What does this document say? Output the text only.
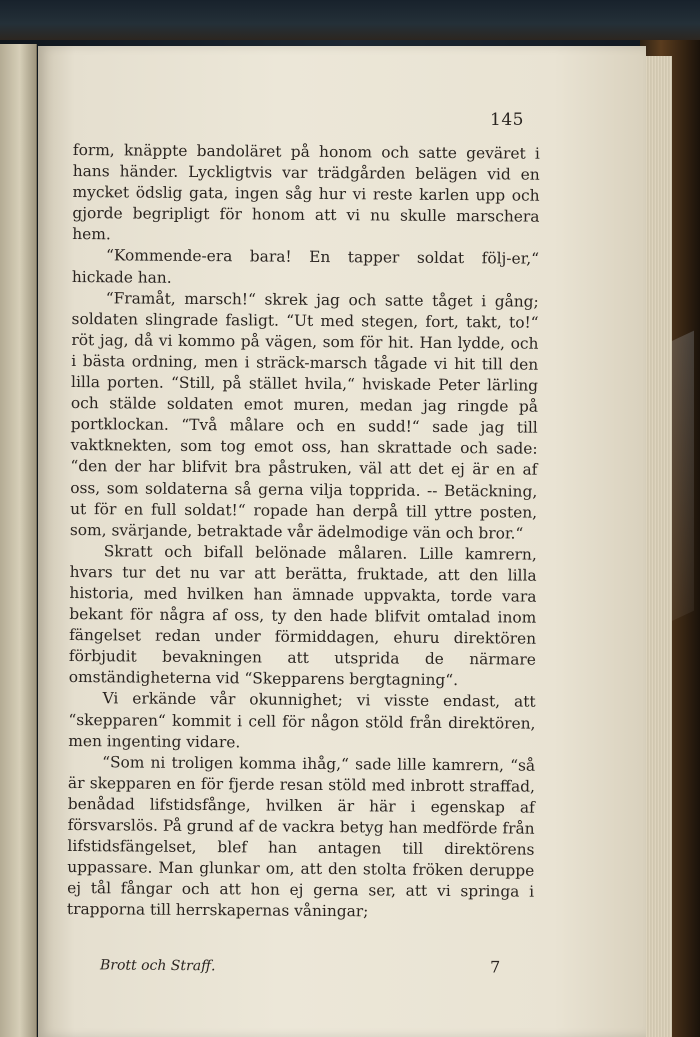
145

form, knäppte bandoläret på honom och satte geväret i hans händer. Lyckligtvis var trädgården belägen vid en mycket ödslig gata, ingen såg hur vi reste karlen upp och gjorde begripligt för honom att vi nu skulle marschera hem.

“Kommende-era bara! En tapper soldat följ-er,“ hickade han.

“Framåt, marsch!“ skrek jag och satte tåget i gång; soldaten slingrade fasligt. “Ut med stegen, fort, takt, to!“ röt jag, då vi kommo på vägen, som för hit. Han lydde, och i bästa ordning, men i sträck-marsch tågade vi hit till den lilla porten. “Still, på stället hvila,“ hviskade Peter lärling och stälde soldaten emot muren, medan jag ringde på portklockan. “Två målare och en sudd!“ sade jag till vaktknekten, som tog emot oss, han skrattade och sade: “den der har blifvit bra påstruken, väl att det ej är en af oss, som soldaterna så gerna vilja topprida. -- Betäckning, ut för en full soldat!“ ropade han derpå till yttre posten, som, svärjande, betraktade vår ädelmodige vän och bror.“

Skratt och bifall belönade målaren. Lille kamrern, hvars tur det nu var att berätta, fruktade, att den lilla historia, med hvilken han ämnade uppvakta, torde vara bekant för några af oss, ty den hade blifvit omtalad inom fängelset redan under förmiddagen, ehuru direktören förbjudit bevakningen att utsprida de närmare omständigheterna vid “Skepparens bergtagning“.

Vi erkände vår okunnighet; vi visste endast, att “skepparen“ kommit i cell för någon stöld från direktören, men ingenting vidare.

“Som ni troligen komma ihåg,“ sade lille kamrern, “så är skepparen en för fjerde resan stöld med inbrott straffad, benådad lifstidsfånge, hvilken är här i egenskap af försvarslös. På grund af de vackra betyg han medförde från lifstidsfängelset, blef han antagen till direktörens uppassare. Man glunkar om, att den stolta fröken deruppe ej tål fångar och att hon ej gerna ser, att vi springa i trapporna till herrskapernas våningar;

Brott och Straff.	7
